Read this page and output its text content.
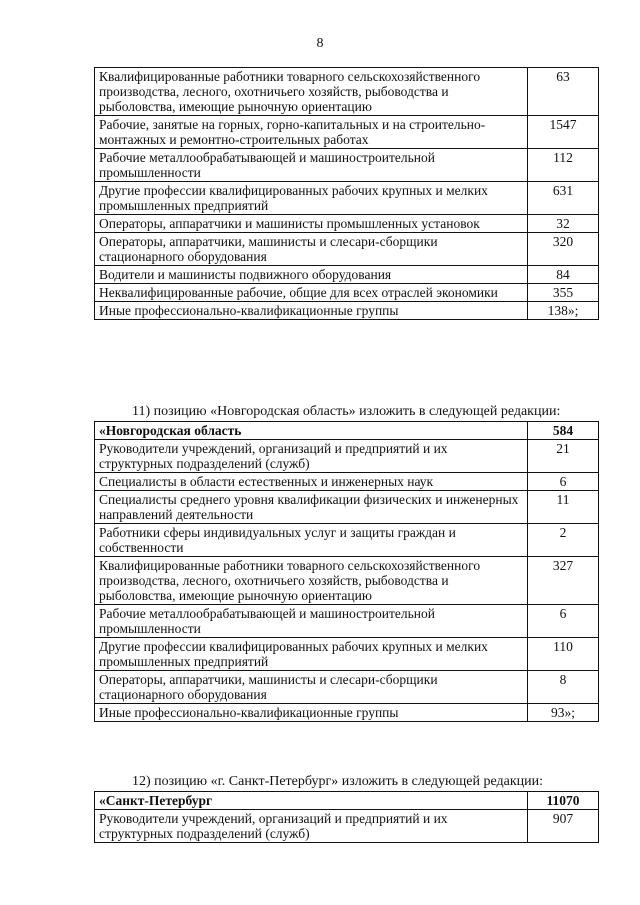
8
Квалифицированные работники товарного сельскохозяйственного производства, лесного, охотничьего хозяйств, рыбоводства и рыболовства, имеющие рыночную ориентацию	63
Рабочие, занятые на горных, горно-капитальных и на строительно-монтажных и ремонтно-строительных работах	1547
Рабочие металлообрабатывающей и машиностроительной промышленности	112
Другие профессии квалифицированных рабочих крупных и мелких промышленных предприятий	631
Операторы, аппаратчики и машинисты промышленных установок	32
Операторы, аппаратчики, машинисты и слесари-сборщики стационарного оборудования	320
Водители и машинисты подвижного оборудования	84
Неквалифицированные рабочие, общие для всех отраслей экономики	355
Иные профессионально-квалификационные группы	138»;
11) позицию «Новгородская область» изложить в следующей редакции:
«Новгородская область	584
Руководители учреждений, организаций и предприятий и их структурных подразделений (служб)	21
Специалисты в области естественных и инженерных наук	6
Специалисты среднего уровня квалификации физических и инженерных направлений деятельности	11
Работники сферы индивидуальных услуг и защиты граждан и собственности	2
Квалифицированные работники товарного сельскохозяйственного производства, лесного, охотничьего хозяйств, рыбоводства и рыболовства, имеющие рыночную ориентацию	327
Рабочие металлообрабатывающей и машиностроительной промышленности	6
Другие профессии квалифицированных рабочих крупных и мелких промышленных предприятий	110
Операторы, аппаратчики, машинисты и слесари-сборщики стационарного оборудования	8
Иные профессионально-квалификационные группы	93»;
12) позицию «г. Санкт-Петербург» изложить в следующей редакции:
«Санкт-Петербург	11070
Руководители учреждений, организаций и предприятий и их структурных подразделений (служб)	907
